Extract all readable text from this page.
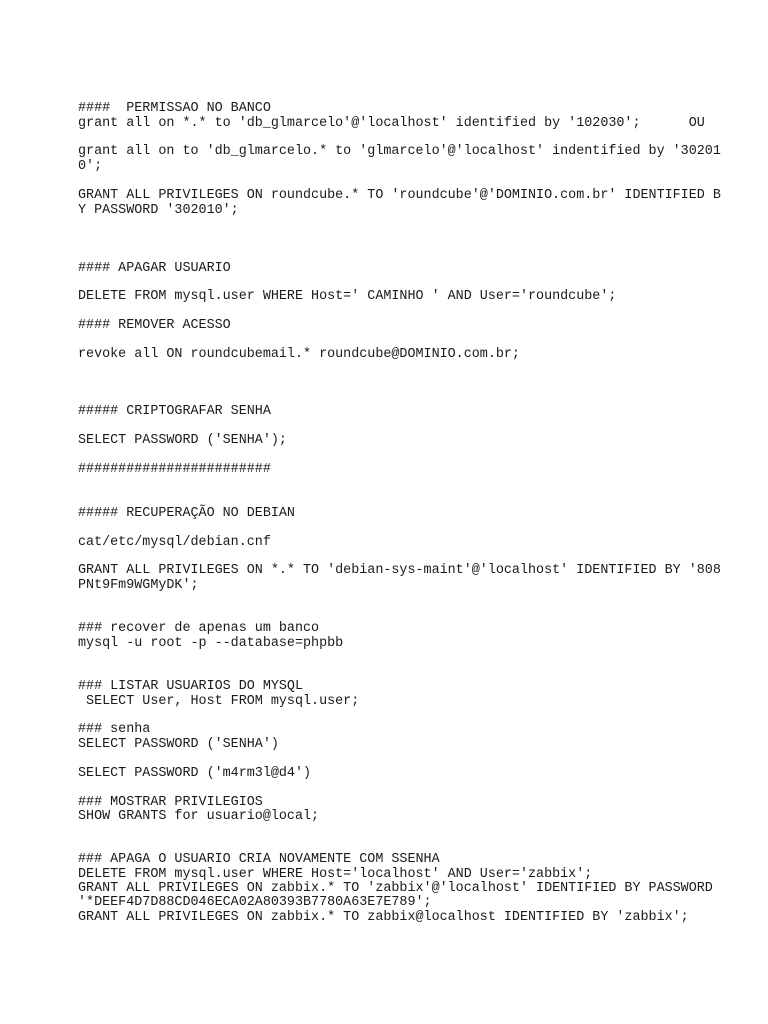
####  PERMISSAO NO BANCO
grant all on *.* to 'db_glmarcelo'@'localhost' identified by '102030';      OU
grant all on to 'db_glmarcelo.* to 'glmarcelo'@'localhost' indentified by '30201
0';
GRANT ALL PRIVILEGES ON roundcube.* TO 'roundcube'@'DOMINIO.com.br' IDENTIFIED B
Y PASSWORD '302010';
#### APAGAR USUARIO
DELETE FROM mysql.user WHERE Host=' CAMINHO ' AND User='roundcube';
#### REMOVER ACESSO
revoke all ON roundcubemail.* roundcube@DOMINIO.com.br;
##### CRIPTOGRAFAR SENHA
SELECT PASSWORD ('SENHA');
########################
##### RECUPERAÇÃO NO DEBIAN
cat/etc/mysql/debian.cnf
GRANT ALL PRIVILEGES ON *.* TO 'debian-sys-maint'@'localhost' IDENTIFIED BY '808
PNt9Fm9WGMyDK';
### recover de apenas um banco
mysql -u root -p --database=phpbb
### LISTAR USUARIOS DO MYSQL
SELECT User, Host FROM mysql.user;
### senha
SELECT PASSWORD ('SENHA')
SELECT PASSWORD ('m4rm3l@d4')
### MOSTRAR PRIVILEGIOS
SHOW GRANTS for usuario@local;
### APAGA O USUARIO CRIA NOVAMENTE COM SSENHA
DELETE FROM mysql.user WHERE Host='localhost' AND User='zabbix';
GRANT ALL PRIVILEGES ON zabbix.* TO 'zabbix'@'localhost' IDENTIFIED BY PASSWORD
'*DEEF4D7D88CD046ECA02A80393B7780A63E7E789';
GRANT ALL PRIVILEGES ON zabbix.* TO zabbix@localhost IDENTIFIED BY 'zabbix';
